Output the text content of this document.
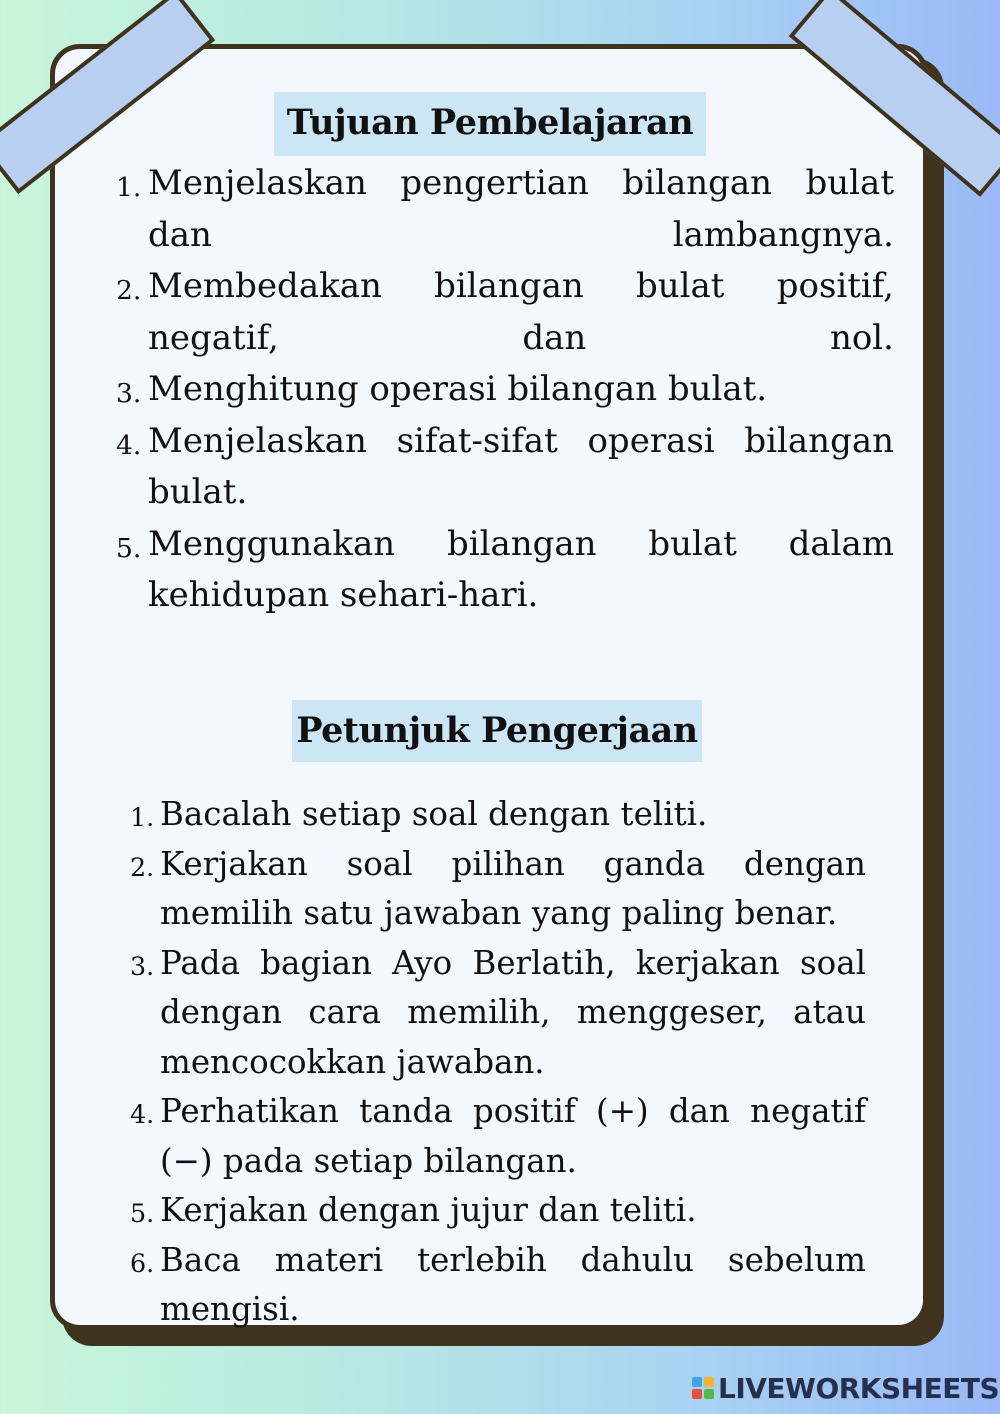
Tujuan Pembelajaran
1. Menjelaskan pengertian bilangan bulat dan lambangnya.
2. Membedakan bilangan bulat positif, negatif, dan nol.
3. Menghitung operasi bilangan bulat.
4. Menjelaskan sifat-sifat operasi bilangan bulat.
5. Menggunakan bilangan bulat dalam kehidupan sehari-hari.
Petunjuk Pengerjaan
1. Bacalah setiap soal dengan teliti.
2. Kerjakan soal pilihan ganda dengan memilih satu jawaban yang paling benar.
3. Pada bagian Ayo Berlatih, kerjakan soal dengan cara memilih, menggeser, atau mencocokkan jawaban.
4. Perhatikan tanda positif (+) dan negatif (−) pada setiap bilangan.
5. Kerjakan dengan jujur dan teliti.
6. Baca materi terlebih dahulu sebelum mengisi.
LIVEWORKSHEETS
